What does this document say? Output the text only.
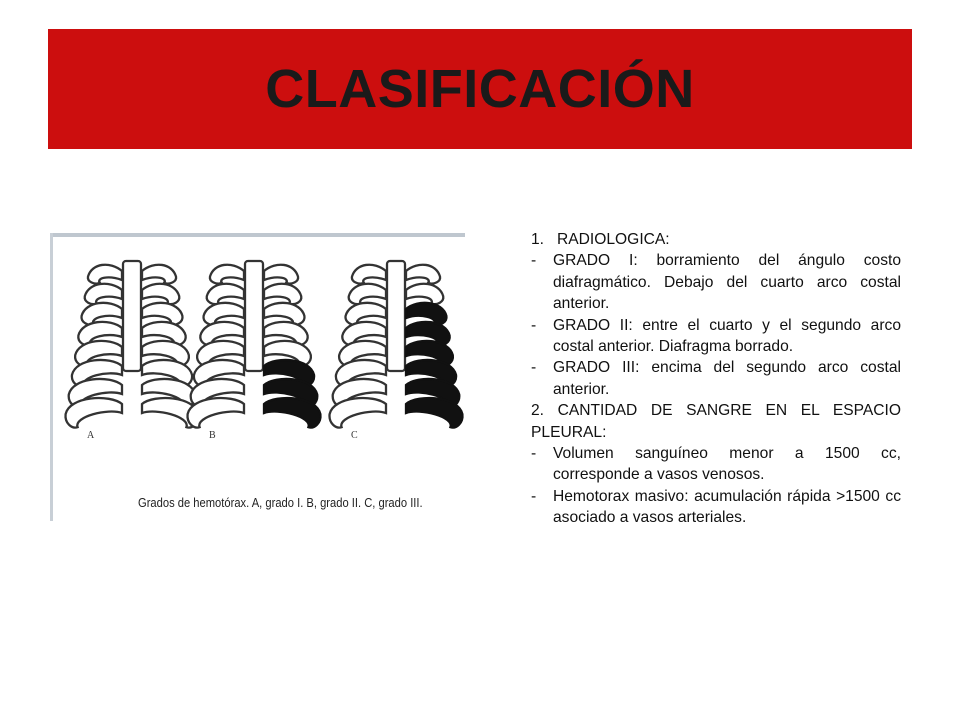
CLASIFICACIÓN
A	B	C
Grados de hemotórax. A, grado I. B, grado II. C, grado III.
1. RADIOLOGICA:
-	GRADO I: borramiento del ángulo costo diafragmático. Debajo del cuarto arco costal anterior.
-	GRADO II: entre el cuarto y el segundo arco costal anterior. Diafragma borrado.
-	GRADO III: encima del segundo arco costal anterior.

2. CANTIDAD DE SANGRE EN EL ESPACIO PLEURAL:

-	Volumen sanguíneo menor a 1500 cc, corresponde a vasos venosos.
-	Hemotorax masivo: acumulación rápida >1500 cc asociado a vasos arteriales.
